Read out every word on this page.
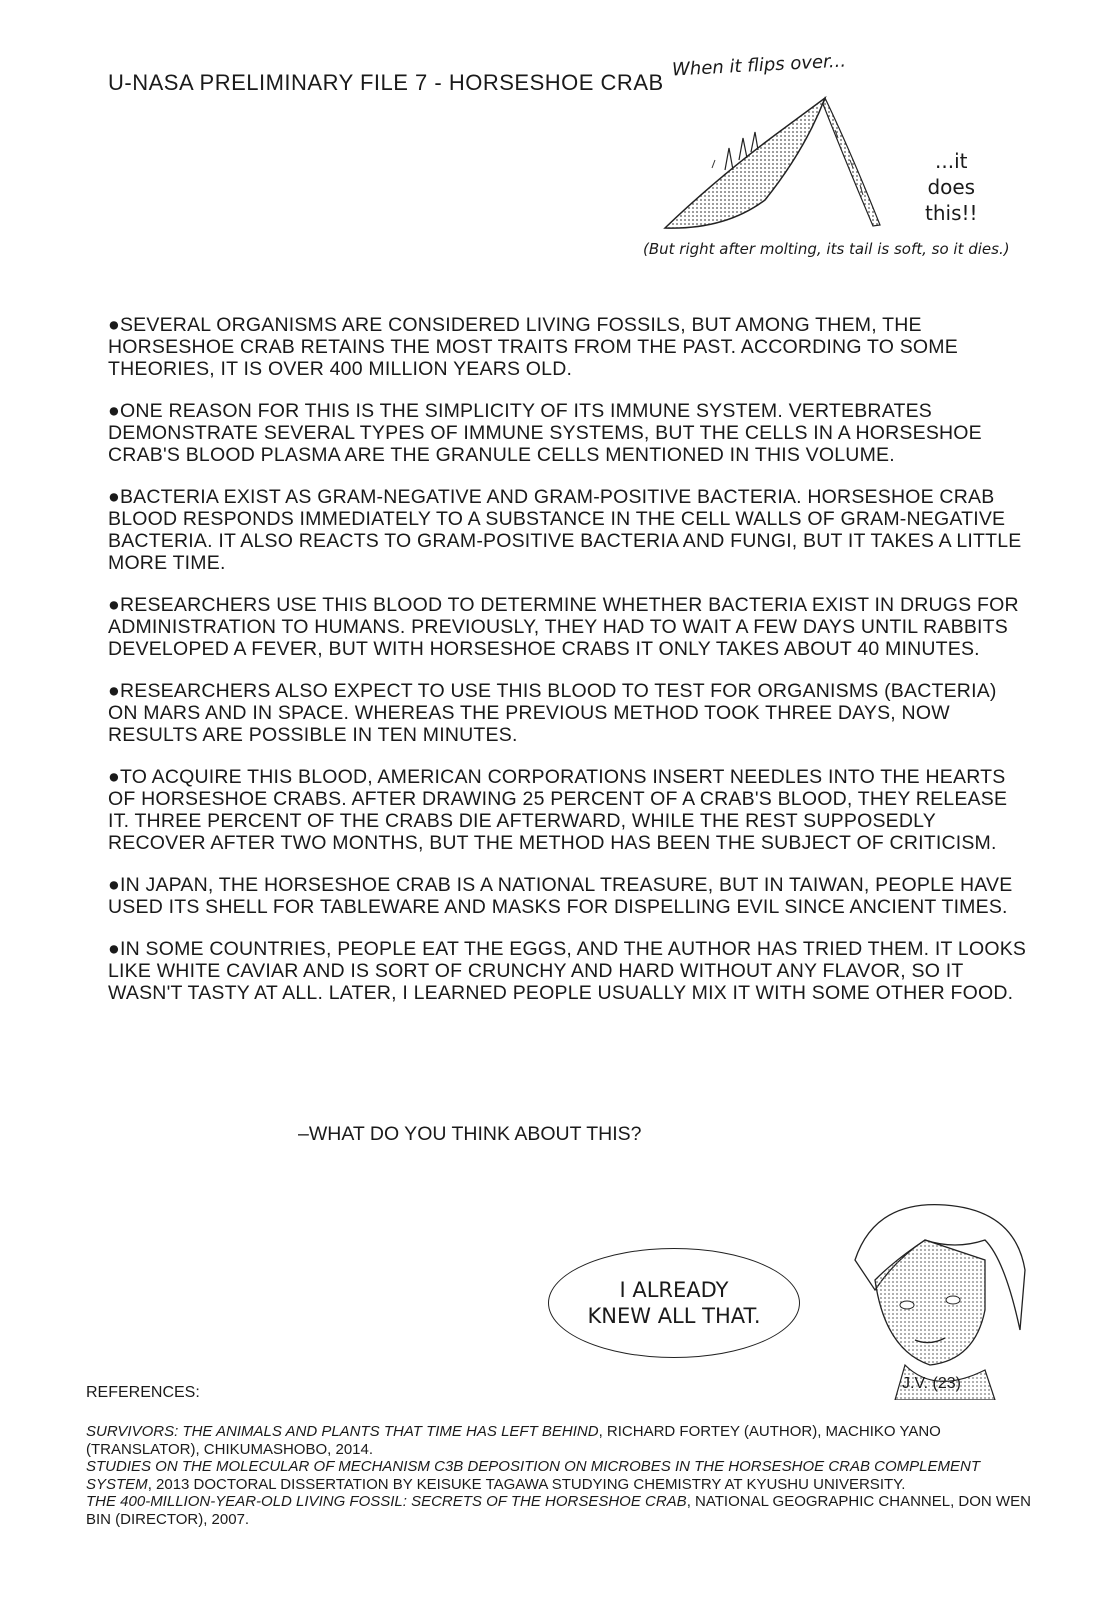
U-NASA PRELIMINARY FILE 7 - HORSESHOE CRAB
When it flips over...
...it
does
this!!
(But right after molting, its tail is soft, so it dies.)

●SEVERAL ORGANISMS ARE CONSIDERED LIVING FOSSILS, BUT AMONG THEM, THE HORSESHOE CRAB RETAINS THE MOST TRAITS FROM THE PAST. ACCORDING TO SOME THEORIES, IT IS OVER 400 MILLION YEARS OLD.

●ONE REASON FOR THIS IS THE SIMPLICITY OF ITS IMMUNE SYSTEM. VERTEBRATES DEMONSTRATE SEVERAL TYPES OF IMMUNE SYSTEMS, BUT THE CELLS IN A HORSESHOE CRAB'S BLOOD PLASMA ARE THE GRANULE CELLS MENTIONED IN THIS VOLUME.

●BACTERIA EXIST AS GRAM-NEGATIVE AND GRAM-POSITIVE BACTERIA. HORSESHOE CRAB BLOOD RESPONDS IMMEDIATELY TO A SUBSTANCE IN THE CELL WALLS OF GRAM-NEGATIVE BACTERIA. IT ALSO REACTS TO GRAM-POSITIVE BACTERIA AND FUNGI, BUT IT TAKES A LITTLE MORE TIME.

●RESEARCHERS USE THIS BLOOD TO DETERMINE WHETHER BACTERIA EXIST IN DRUGS FOR ADMINISTRATION TO HUMANS. PREVIOUSLY, THEY HAD TO WAIT A FEW DAYS UNTIL RABBITS DEVELOPED A FEVER, BUT WITH HORSESHOE CRABS IT ONLY TAKES ABOUT 40 MINUTES.

●RESEARCHERS ALSO EXPECT TO USE THIS BLOOD TO TEST FOR ORGANISMS (BACTERIA) ON MARS AND IN SPACE. WHEREAS THE PREVIOUS METHOD TOOK THREE DAYS, NOW RESULTS ARE POSSIBLE IN TEN MINUTES.

●TO ACQUIRE THIS BLOOD, AMERICAN CORPORATIONS INSERT NEEDLES INTO THE HEARTS OF HORSESHOE CRABS. AFTER DRAWING 25 PERCENT OF A CRAB'S BLOOD, THEY RELEASE IT. THREE PERCENT OF THE CRABS DIE AFTERWARD, WHILE THE REST SUPPOSEDLY RECOVER AFTER TWO MONTHS, BUT THE METHOD HAS BEEN THE SUBJECT OF CRITICISM.

●IN JAPAN, THE HORSESHOE CRAB IS A NATIONAL TREASURE, BUT IN TAIWAN, PEOPLE HAVE USED ITS SHELL FOR TABLEWARE AND MASKS FOR DISPELLING EVIL SINCE ANCIENT TIMES.

●IN SOME COUNTRIES, PEOPLE EAT THE EGGS, AND THE AUTHOR HAS TRIED THEM. IT LOOKS LIKE WHITE CAVIAR AND IS SORT OF CRUNCHY AND HARD WITHOUT ANY FLAVOR, SO IT WASN'T TASTY AT ALL. LATER, I LEARNED PEOPLE USUALLY MIX IT WITH SOME OTHER FOOD.

–WHAT DO YOU THINK ABOUT THIS?
I ALREADY
KNEW ALL THAT.
J.V. (23)
REFERENCES:
SURVIVORS: THE ANIMALS AND PLANTS THAT TIME HAS LEFT BEHIND, RICHARD FORTEY (AUTHOR), MACHIKO YANO (TRANSLATOR), CHIKUMASHOBO, 2014.
STUDIES ON THE MOLECULAR OF MECHANISM C3B DEPOSITION ON MICROBES IN THE HORSESHOE CRAB COMPLEMENT SYSTEM, 2013 DOCTORAL DISSERTATION BY KEISUKE TAGAWA STUDYING CHEMISTRY AT KYUSHU UNIVERSITY.
THE 400-MILLION-YEAR-OLD LIVING FOSSIL: SECRETS OF THE HORSESHOE CRAB, NATIONAL GEOGRAPHIC CHANNEL, DON WEN BIN (DIRECTOR), 2007.
